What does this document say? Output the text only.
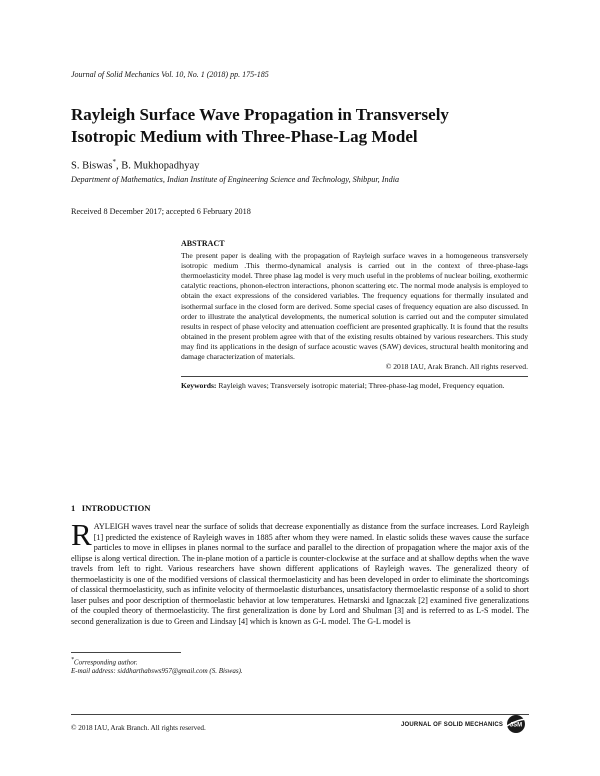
Journal of Solid Mechanics Vol. 10, No. 1 (2018) pp. 175-185
Rayleigh Surface Wave Propagation in Transversely Isotropic Medium with Three-Phase-Lag Model
S. Biswas*, B. Mukhopadhyay
Department of Mathematics, Indian Institute of Engineering Science and Technology, Shibpur, India
Received 8 December 2017; accepted 6 February 2018
ABSTRACT
The present paper is dealing with the propagation of Rayleigh surface waves in a homogeneous transversely isotropic medium .This thermo-dynamical analysis is carried out in the context of three-phase-lags thermoelasticity model. Three phase lag model is very much useful in the problems of nuclear boiling, exothermic catalytic reactions, phonon-electron interactions, phonon scattering etc. The normal mode analysis is employed to obtain the exact expressions of the considered variables. The frequency equations for thermally insulated and isothermal surface in the closed form are derived. Some special cases of frequency equation are also discussed. In order to illustrate the analytical developments, the numerical solution is carried out and the computer simulated results in respect of phase velocity and attenuation coefficient are presented graphically. It is found that the results obtained in the present problem agree with that of the existing results obtained by various researchers. This study may find its applications in the design of surface acoustic waves (SAW) devices, structural health monitoring and damage characterization of materials.
© 2018 IAU, Arak Branch. All rights reserved.
Keywords: Rayleigh waves; Transversely isotropic material; Three-phase-lag model, Frequency equation.
1 INTRODUCTION
RAYLEIGH waves travel near the surface of solids that decrease exponentially as distance from the surface increases. Lord Rayleigh [1] predicted the existence of Rayleigh waves in 1885 after whom they were named. In elastic solids these waves cause the surface particles to move in ellipses in planes normal to the surface and parallel to the direction of propagation where the major axis of the ellipse is along vertical direction. The in-plane motion of a particle is counter-clockwise at the surface and at shallow depths when the wave travels from left to right. Various researchers have shown different applications of Rayleigh waves. The generalized theory of thermoelasticity is one of the modified versions of classical thermoelasticity and has been developed in order to eliminate the shortcomings of classical thermoelasticity, such as infinite velocity of thermoelastic disturbances, unsatisfactory thermoelastic response of a solid to short laser pulses and poor description of thermoelastic behavior at low temperatures. Hetnarski and Ignaczak [2] examined five generalizations of the coupled theory of thermoelasticity. The first generalization is done by Lord and Shulman [3] and is referred to as L-S model. The second generalization is due to Green and Lindsay [4] which is known as G-L model. The G-L model is
*Corresponding author.
E-mail address: siddharthabsws957@gmail.com (S. Biswas).
© 2018 IAU, Arak Branch. All rights reserved.	JOURNAL OF SOLID MECHANICS JSM
